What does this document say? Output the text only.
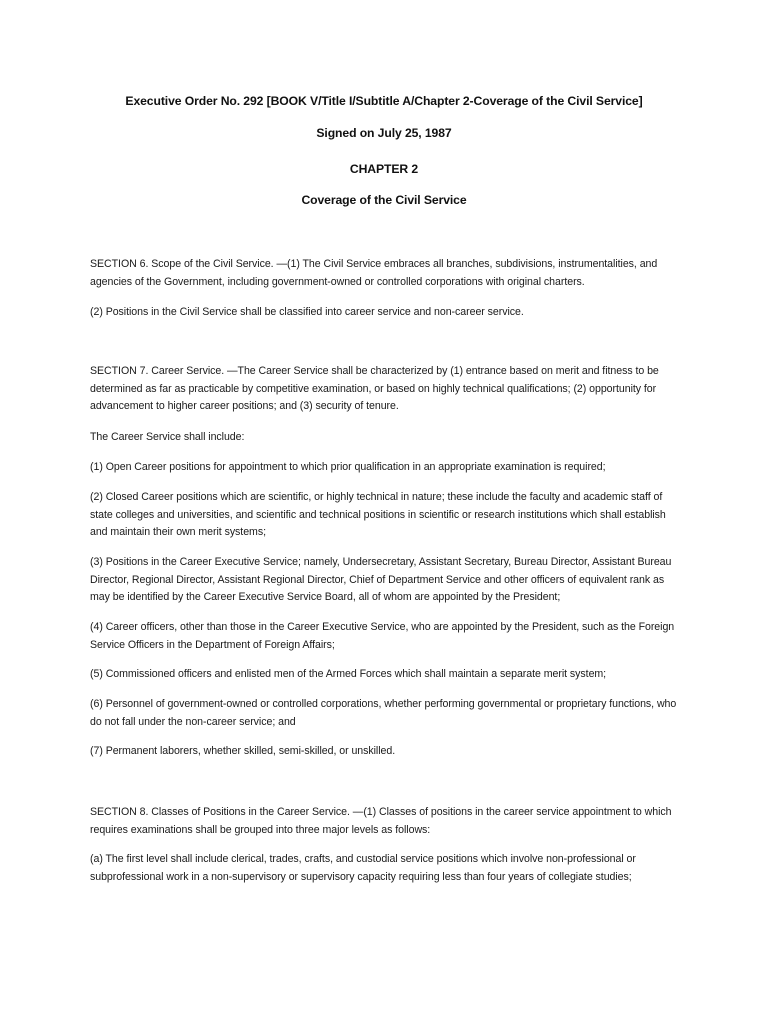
Executive Order No. 292 [BOOK V/Title I/Subtitle A/Chapter 2-Coverage of the Civil Service]
Signed on July 25, 1987
CHAPTER 2
Coverage of the Civil Service

SECTION 6. Scope of the Civil Service. —(1) The Civil Service embraces all branches, subdivisions, instrumentalities, and agencies of the Government, including government-owned or controlled corporations with original charters.

(2) Positions in the Civil Service shall be classified into career service and non-career service.

SECTION 7. Career Service. —The Career Service shall be characterized by (1) entrance based on merit and fitness to be determined as far as practicable by competitive examination, or based on highly technical qualifications; (2) opportunity for advancement to higher career positions; and (3) security of tenure.

The Career Service shall include:

(1) Open Career positions for appointment to which prior qualification in an appropriate examination is required;

(2) Closed Career positions which are scientific, or highly technical in nature; these include the faculty and academic staff of state colleges and universities, and scientific and technical positions in scientific or research institutions which shall establish and maintain their own merit systems;

(3) Positions in the Career Executive Service; namely, Undersecretary, Assistant Secretary, Bureau Director, Assistant Bureau Director, Regional Director, Assistant Regional Director, Chief of Department Service and other officers of equivalent rank as may be identified by the Career Executive Service Board, all of whom are appointed by the President;

(4) Career officers, other than those in the Career Executive Service, who are appointed by the President, such as the Foreign Service Officers in the Department of Foreign Affairs;

(5) Commissioned officers and enlisted men of the Armed Forces which shall maintain a separate merit system;

(6) Personnel of government-owned or controlled corporations, whether performing governmental or proprietary functions, who do not fall under the non-career service; and

(7) Permanent laborers, whether skilled, semi-skilled, or unskilled.

SECTION 8. Classes of Positions in the Career Service. —(1) Classes of positions in the career service appointment to which requires examinations shall be grouped into three major levels as follows:

(a) The first level shall include clerical, trades, crafts, and custodial service positions which involve non-professional or subprofessional work in a non-supervisory or supervisory capacity requiring less than four years of collegiate studies;
